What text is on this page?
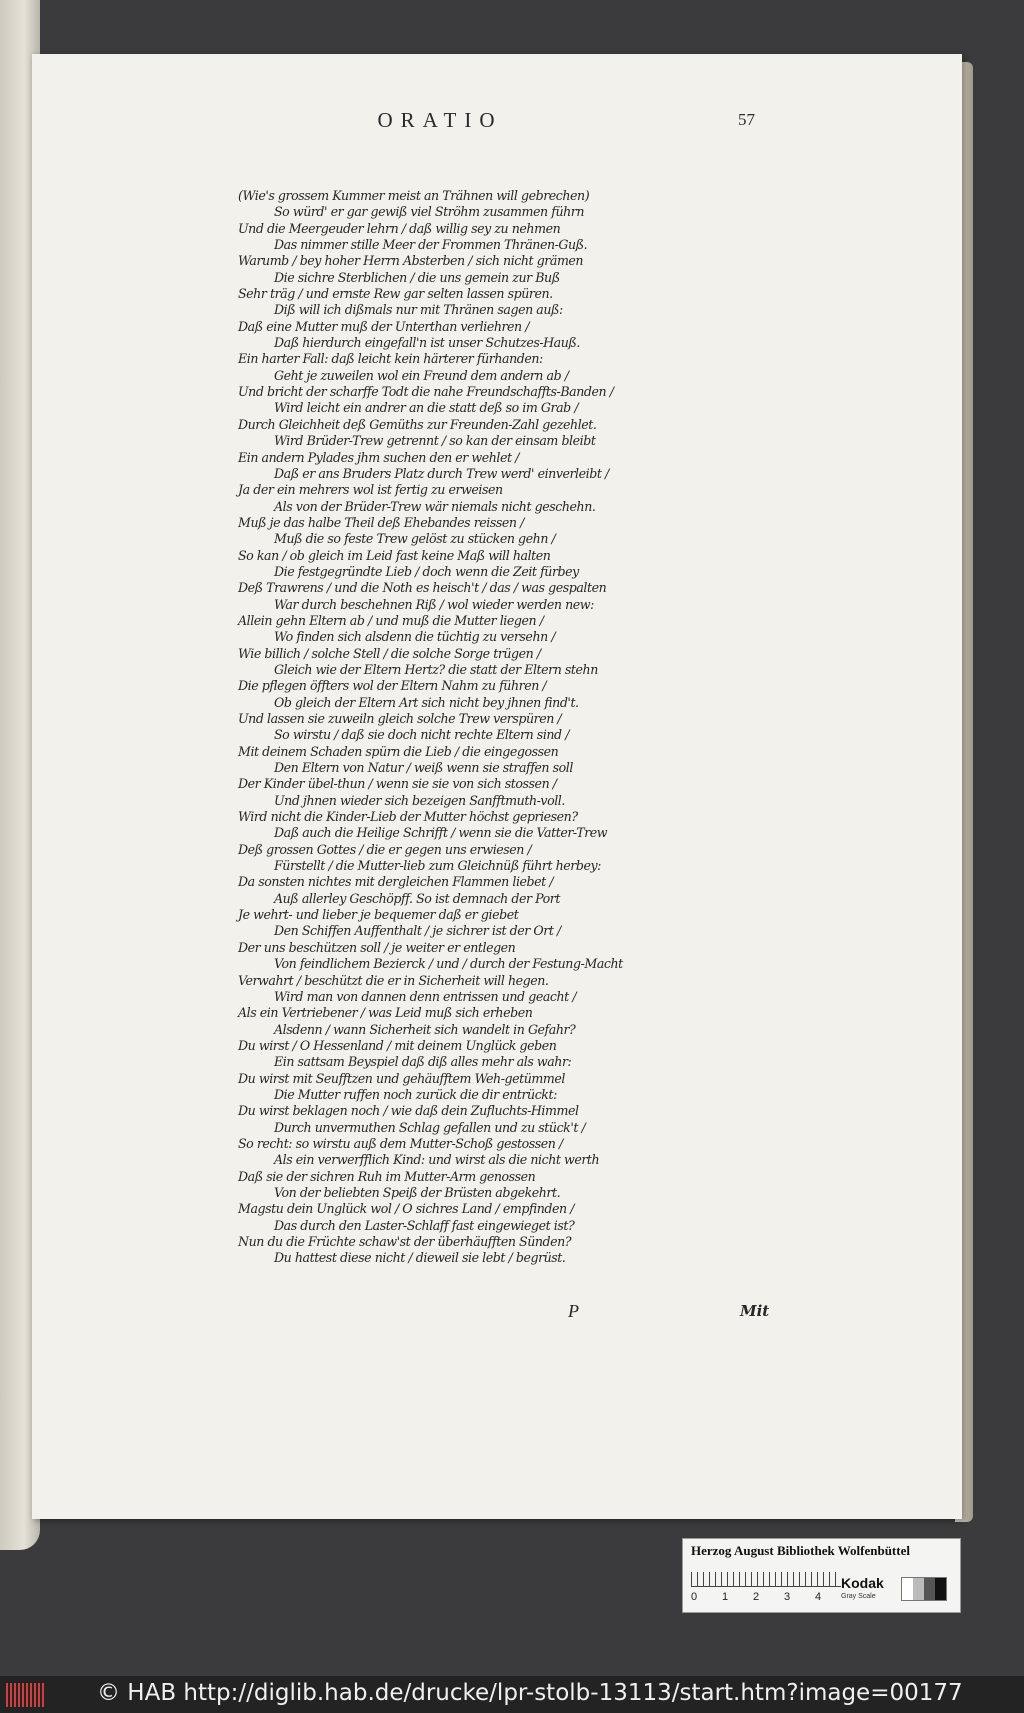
ORATIO	57
(Wie's grossem Kummer meist an Trähnen will gebrechen)
So würd' er gar gewiß viel Ströhm zusammen führn
Und die Meergeuder lehrn / daß willig sey zu nehmen
Das nimmer stille Meer der Frommen Thränen-Guß.
Warumb / bey hoher Herrn Absterben / sich nicht grämen
Die sichre Sterblichen / die uns gemein zur Buß
Sehr träg / und ernste Rew gar selten lassen spüren.
Diß will ich dißmals nur mit Thränen sagen auß:
Daß eine Mutter muß der Unterthan verliehren /
Daß hierdurch eingefall'n ist unser Schutzes-Hauß.
Ein harter Fall: daß leicht kein härterer fürhanden:
Geht je zuweilen wol ein Freund dem andern ab /
Und bricht der scharffe Todt die nahe Freundschaffts-Banden /
Wird leicht ein andrer an die statt deß so im Grab /
Durch Gleichheit deß Gemüths zur Freunden-Zahl gezehlet.
Wird Brüder-Trew getrennt / so kan der einsam bleibt
Ein andern Pylades jhm suchen den er wehlet /
Daß er ans Bruders Platz durch Trew werd' einverleibt /
Ja der ein mehrers wol ist fertig zu erweisen
Als von der Brüder-Trew wär niemals nicht geschehn.
Muß je das halbe Theil deß Ehebandes reissen /
Muß die so feste Trew gelöst zu stücken gehn /
So kan / ob gleich im Leid fast keine Maß will halten
Die festgegründte Lieb / doch wenn die Zeit fürbey
Deß Trawrens / und die Noth es heisch't / das / was gespalten
War durch beschehnen Riß / wol wieder werden new:
Allein gehn Eltern ab / und muß die Mutter liegen /
Wo finden sich alsdenn die tüchtig zu versehn /
Wie billich / solche Stell / die solche Sorge trügen /
Gleich wie der Eltern Hertz? die statt der Eltern stehn
Die pflegen öffters wol der Eltern Nahm zu führen /
Ob gleich der Eltern Art sich nicht bey jhnen find't.
Und lassen sie zuweiln gleich solche Trew verspüren /
So wirstu / daß sie doch nicht rechte Eltern sind /
Mit deinem Schaden spürn die Lieb / die eingegossen
Den Eltern von Natur / weiß wenn sie straffen soll
Der Kinder übel-thun / wenn sie sie von sich stossen /
Und jhnen wieder sich bezeigen Sanfftmuth-voll.
Wird nicht die Kinder-Lieb der Mutter höchst gepriesen?
Daß auch die Heilige Schrifft / wenn sie die Vatter-Trew
Deß grossen Gottes / die er gegen uns erwiesen /
Fürstellt / die Mutter-lieb zum Gleichnüß führt herbey:
Da sonsten nichtes mit dergleichen Flammen liebet /
Auß allerley Geschöpff. So ist demnach der Port
Je wehrt- und lieber je bequemer daß er giebet
Den Schiffen Auffenthalt / je sichrer ist der Ort /
Der uns beschützen soll / je weiter er entlegen
Von feindlichem Bezierck / und / durch der Festung-Macht
Verwahrt / beschützt die er in Sicherheit will hegen.
Wird man von dannen denn entrissen und geacht /
Als ein Vertriebener / was Leid muß sich erheben
Alsdenn / wann Sicherheit sich wandelt in Gefahr?
Du wirst / O Hessenland / mit deinem Unglück geben
Ein sattsam Beyspiel daß diß alles mehr als wahr:
Du wirst mit Seufftzen und gehäufftem Weh-getümmel
Die Mutter ruffen noch zurück die dir entrückt:
Du wirst beklagen noch / wie daß dein Zufluchts-Himmel
Durch unvermuthen Schlag gefallen und zu stück't /
So recht: so wirstu auß dem Mutter-Schoß gestossen /
Als ein verwerfflich Kind: und wirst als die nicht werth
Daß sie der sichren Ruh im Mutter-Arm genossen
Von der beliebten Speiß der Brüsten abgekehrt.
Magstu dein Unglück wol / O sichres Land / empfinden /
Das durch den Laster-Schlaff fast eingewieget ist?
Nun du die Früchte schaw'st der überhäufften Sünden?
Du hattest diese nicht / dieweil sie lebt / begrüst.
P	Mit
Herzog August Bibliothek Wolfenbüttel
0 1 2 3 4
Kodak
Gray Scale
© HAB http://diglib.hab.de/drucke/lpr-stolb-13113/start.htm?image=00177
